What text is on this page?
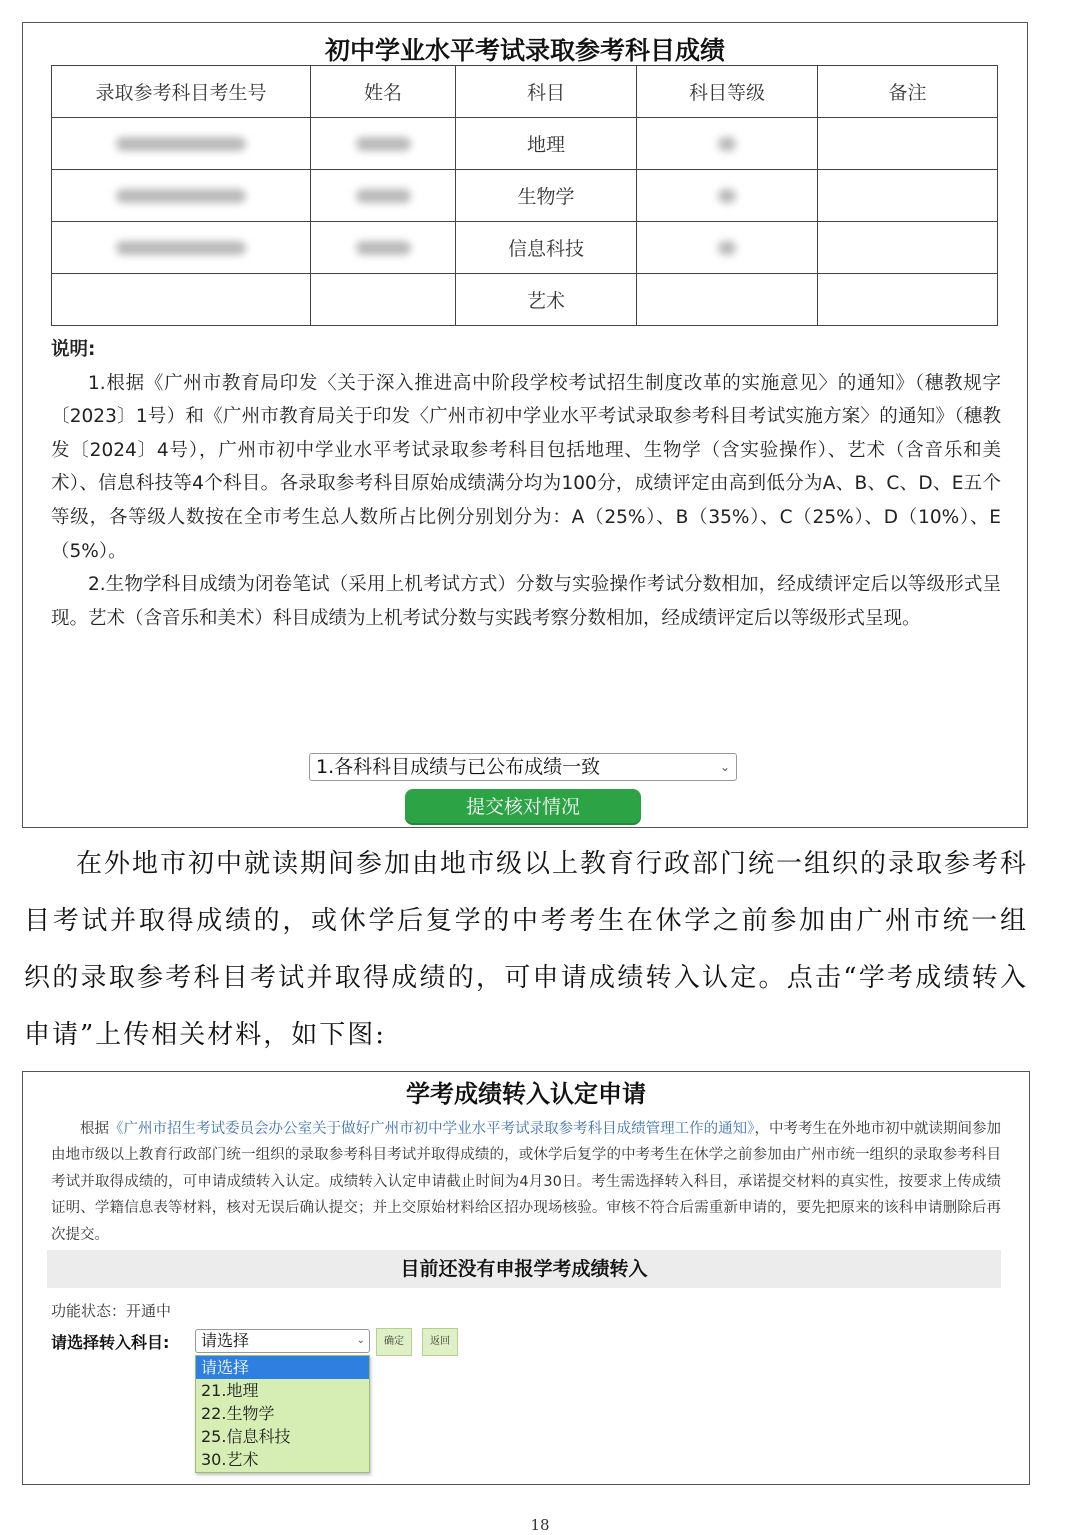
初中学业水平考试录取参考科目成绩
录取参考科目考生号	姓名	科目	科目等级	备注
		地理		
		生物学		
		信息科技		
		艺术		
说明:

1.根据《广州市教育局印发〈关于深入推进高中阶段学校考试招生制度改革的实施意见〉的通知》（穗教规字〔2023〕1号）和《广州市教育局关于印发〈广州市初中学业水平考试录取参考科目考试实施方案〉的通知》（穗教发〔2024〕4号），广州市初中学业水平考试录取参考科目包括地理、生物学（含实验操作）、艺术（含音乐和美术）、信息科技等4个科目。各录取参考科目原始成绩满分均为100分，成绩评定由高到低分为A、B、C、D、E五个等级，各等级人数按在全市考生总人数所占比例分别划分为：A（25%）、B（35%）、C（25%）、D（10%）、E（5%）。

2.生物学科目成绩为闭卷笔试（采用上机考试方式）分数与实验操作考试分数相加，经成绩评定后以等级形式呈现。艺术（含音乐和美术）科目成绩为上机考试分数与实践考察分数相加，经成绩评定后以等级形式呈现。

1.各科科目成绩与已公布成绩一致	⌄
提交核对情况

在外地市初中就读期间参加由地市级以上教育行政部门统一组织的录取参考科目考试并取得成绩的，或休学后复学的中考考生在休学之前参加由广州市统一组织的录取参考科目考试并取得成绩的，可申请成绩转入认定。点击“学考成绩转入申请”上传相关材料，如下图:

学考成绩转入认定申请

根据《广州市招生考试委员会办公室关于做好广州市初中学业水平考试录取参考科目成绩管理工作的通知》，中考考生在外地市初中就读期间参加由地市级以上教育行政部门统一组织的录取参考科目考试并取得成绩的，或休学后复学的中考考生在休学之前参加由广州市统一组织的录取参考科目考试并取得成绩的，可申请成绩转入认定。成绩转入认定申请截止时间为4月30日。考生需选择转入科目，承诺提交材料的真实性，按要求上传成绩证明、学籍信息表等材料，核对无误后确认提交；并上交原始材料给区招办现场核验。审核不符合后需重新申请的，要先把原来的该科申请删除后再次提交。

目前还没有申报学考成绩转入
功能状态：开通中
请选择转入科目:	请选择	⌄	确定	返回
请选择
21.地理
22.生物学
25.信息科技
30.艺术
18
